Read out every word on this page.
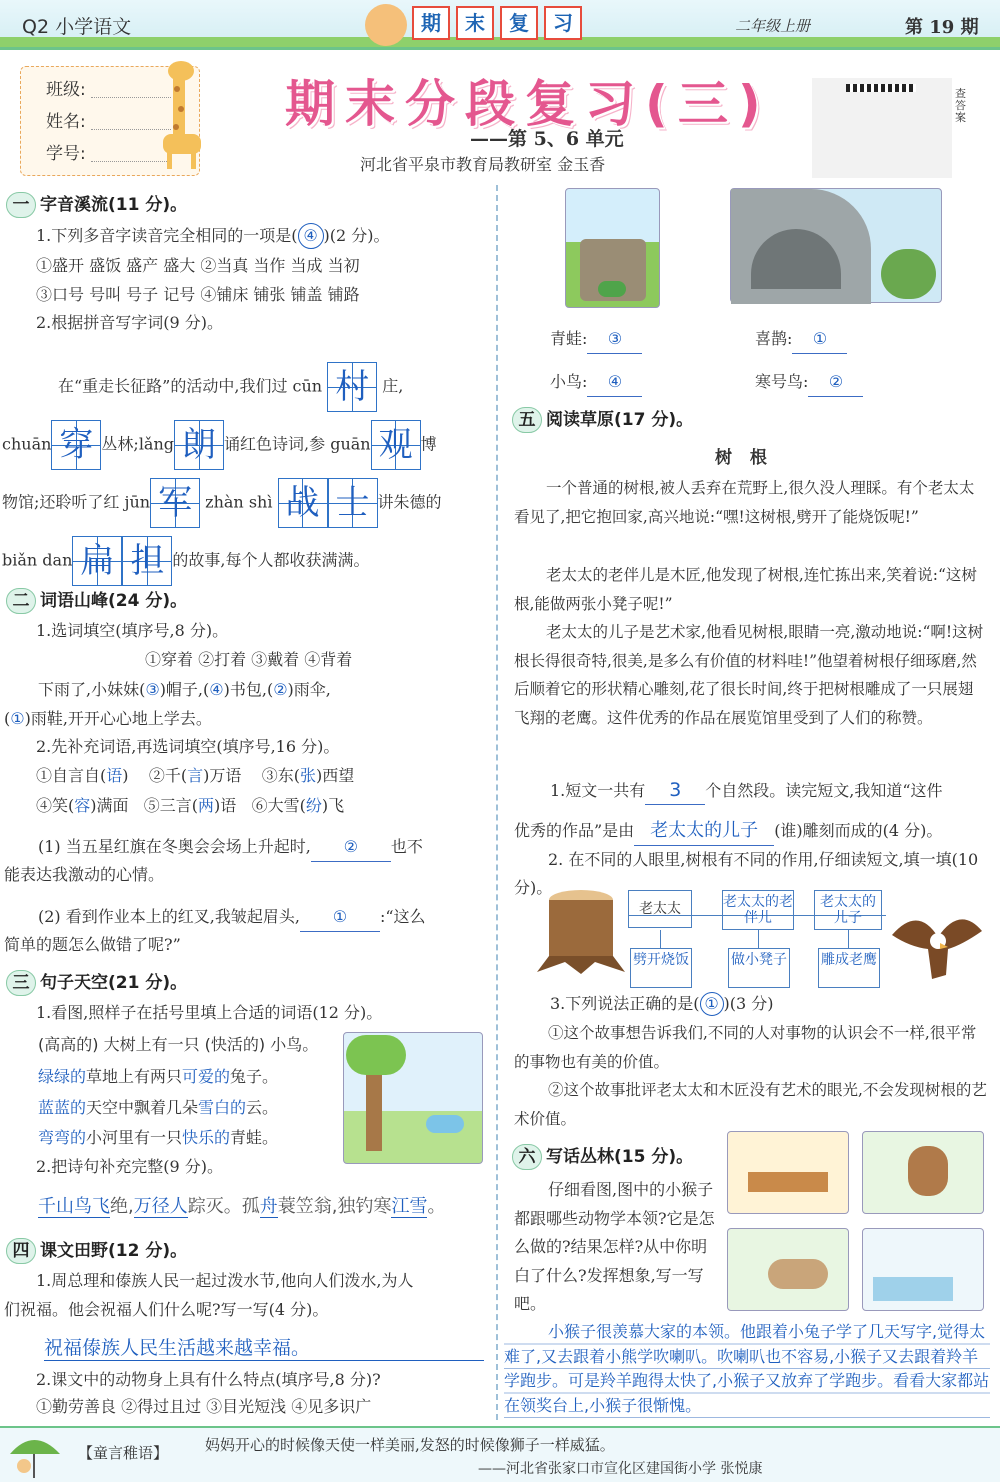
Q2 小学语文	期 末 复 习	二年级上册	第 19 期
班级:
姓名:
学号:
期末分段复习(三)
——第 5、6 单元
河北省平泉市教育局教研室 金玉香
查答案
一 字音溪流(11 分)。
1.下列多音字读音完全相同的一项是( ④ )(2 分)。
①盛开 盛饭 盛产 盛大 ②当真 当作 当成 当初
③口号 号叫 号子 记号 ④铺床 铺张 铺盖 铺路
2.根据拼音写字词(9 分)。
在“重走长征路”的活动中,我们过 cūn 村 庄,
chuān 穿 丛林;lǎng 朗 诵红色诗词,参 guān 观 博
物馆;还聆听了红 jūn 军 zhàn shì 战 士 讲朱德的
biǎn dan 扁 担 的故事,每个人都收获满满。
二 词语山峰(24 分)。
1.选词填空(填序号,8 分)。
①穿着 ②打着 ③戴着 ④背着
下雨了,小妹妹(③)帽子,(④)书包,(②)雨伞,
(①)雨鞋,开开心心地上学去。
2.先补充词语,再选词填空(填序号,16 分)。
①自言自(语)    ②千(言)万语 ③东(张)西望
④笑(容)满面 ⑤三言(两)语 ⑥大雪(纷)飞
(1) 当五星红旗在冬奥会会场上升起时, ② 也不
能表达我激动的心情。
(2) 看到作业本上的红叉,我皱起眉头, ① :“这么
简单的题怎么做错了呢?”
三 句子天空(21 分)。
1.看图,照样子在括号里填上合适的词语(12 分)。
(高高的) 大树上有一只 (快活的) 小鸟。
绿绿的草地上有两只可爱的兔子。
蓝蓝的天空中飘着几朵雪白的云。
弯弯的小河里有一只快乐的青蛙。
2.把诗句补充完整(9 分)。
千山鸟飞绝,万径人踪灭。孤舟蓑笠翁,独钓寒江雪。
四 课文田野(12 分)。
1.周总理和傣族人民一起过泼水节,他向人们泼水,为人
们祝福。他会祝福人们什么呢?写一写(4 分)。
祝福傣族人民生活越来越幸福。
2.课文中的动物身上具有什么特点(填序号,8 分)?
①勤劳善良 ②得过且过 ③目光短浅 ④见多识广
青蛙: ③	喜鹊: ①
小鸟: ④	寒号鸟: ②
五 阅读草原(17 分)。
树 根
一个普通的树根,被人丢弃在荒野上,很久没人理睬。有个老太太看见了,把它抱回家,高兴地说:“嘿!这树根,劈开了能烧饭呢!”
老太太的老伴儿是木匠,他发现了树根,连忙拣出来,笑着说:“这树根,能做两张小凳子呢!”
老太太的儿子是艺术家,他看见树根,眼睛一亮,激动地说:“啊!这树根长得很奇特,很美,是多么有价值的材料哇!”他望着树根仔细琢磨,然后顺着它的形状精心雕刻,花了很长时间,终于把树根雕成了一只展翅飞翔的老鹰。这件优秀的作品在展览馆里受到了人们的称赞。
1.短文一共有 3 个自然段。读完短文,我知道“这件
优秀的作品”是由 老太太的儿子 (谁)雕刻而成的(4 分)。
2. 在不同的人眼里,树根有不同的作用,仔细读短文,填一填(10 分)。
老太太	老太太的老伴儿
老太太的儿子
劈开烧饭	做小凳子 雕成老鹰
3.下列说法正确的是( ① )(3 分)
①这个故事想告诉我们,不同的人对事物的认识会不一样,很平常的事物也有美的价值。
②这个故事批评老太太和木匠没有艺术的眼光,不会发现树根的艺术价值。
六 写话丛林(15 分)。
仔细看图,图中的小猴子都跟哪些动物学本领?它是怎么做的?结果怎样?从中你明白了什么?发挥想象,写一写吧。
小猴子很羡慕大家的本领。他跟着小兔子学了几天写字,觉得太难了,又去跟着小熊学吹喇叭。吹喇叭也不容易,小猴子又去跟着羚羊学跑步。可是羚羊跑得太快了,小猴子又放弃了学跑步。看看大家都站在领奖台上,小猴子很惭愧。
【童言稚语】 妈妈开心的时候像天使一样美丽,发怒的时候像狮子一样威猛。
——河北省张家口市宣化区建国街小学 张悦康
